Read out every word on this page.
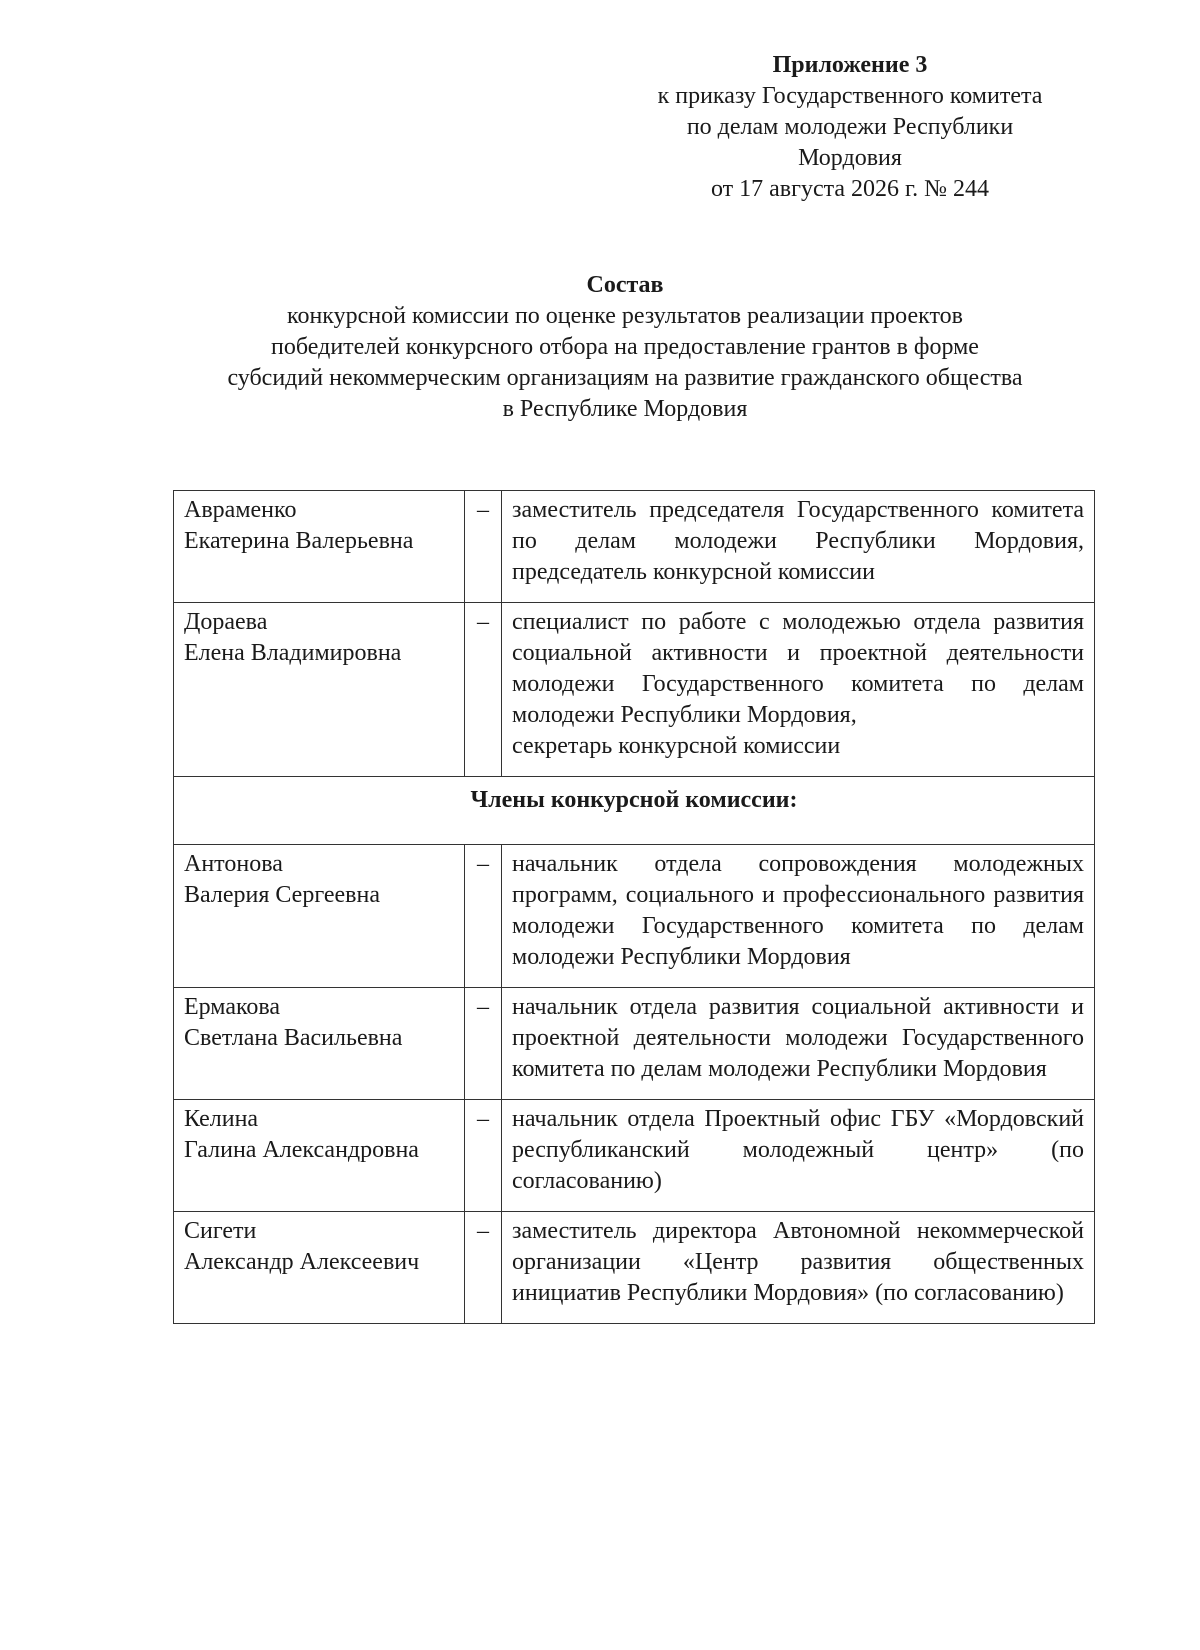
Приложение 3
к приказу Государственного комитета
по делам молодежи Республики
Мордовия
от 17 августа 2026 г. № 244
Состав
конкурсной комиссии по оценке результатов реализации проектов
победителей конкурсного отбора на предоставление грантов в форме
субсидий некоммерческим организациям на развитие гражданского общества
в Республике Мордовия
Авраменко
Екатерина Валерьевна	–	заместитель председателя Государственного комитета по делам молодежи Республики Мордовия, председатель конкурсной комиссии

Дораева
Елена Владимировна	–	специалист по работе с молодежью отдела развития социальной активности и проектной деятельности молодежи Государственного комитета по делам молодежи Республики Мордовия,
секретарь конкурсной комиссии

Члены конкурсной комиссии:		

Антонова
Валерия Сергеевна	–	начальник отдела сопровождения молодежных программ, социального и профессионального развития молодежи Государственного комитета по делам молодежи Республики Мордовия

Ермакова
Светлана Васильевна	–	начальник отдела развития социальной активности и проектной деятельности молодежи Государственного комитета по делам молодежи Республики Мордовия

Келина
Галина Александровна	–	начальник отдела Проектный офис ГБУ «Мордовский республиканский молодежный центр» (по согласованию)

Сигети
Александр Алексеевич	–	заместитель директора Автономной некоммерческой организации «Центр развития общественных инициатив Республики Мордовия» (по согласованию)
